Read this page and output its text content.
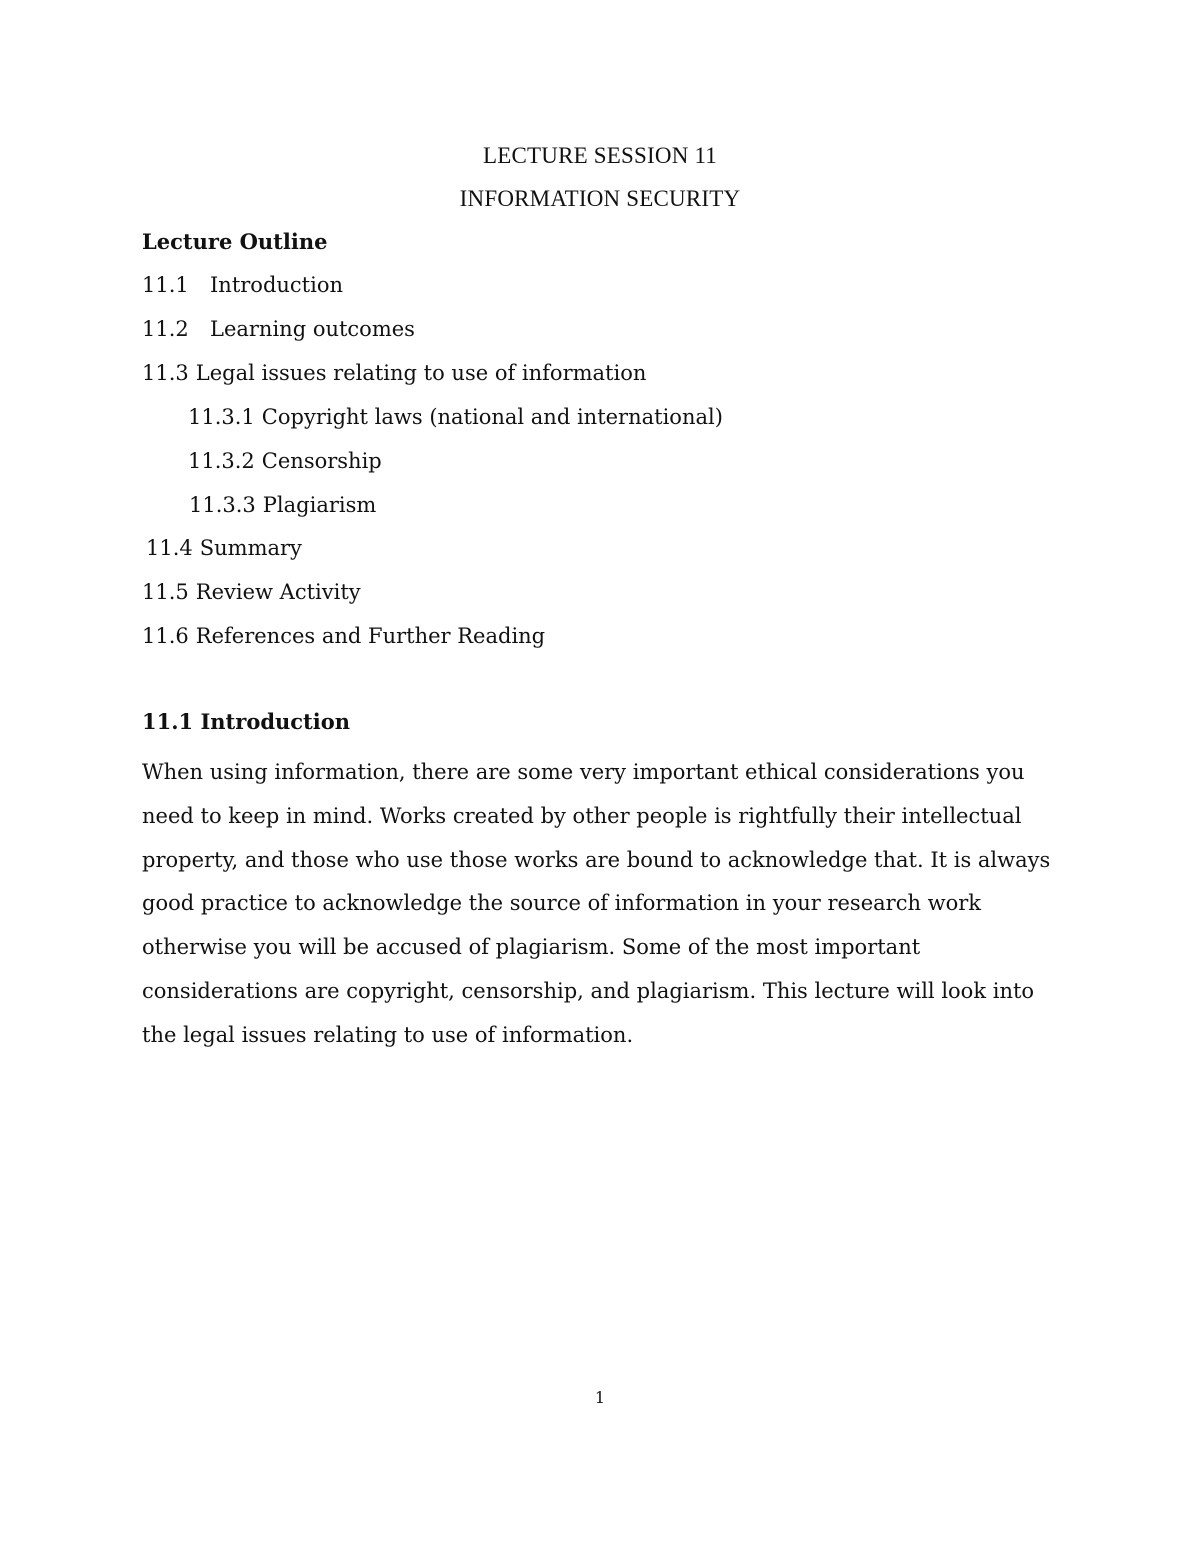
LECTURE SESSION 11
INFORMATION SECURITY
Lecture Outline
11.1 Introduction
11.2 Learning outcomes
11.3 Legal issues relating to use of information
11.3.1 Copyright laws (national and international)
11.3.2 Censorship
11.3.3 Plagiarism
11.4 Summary
11.5 Review Activity
11.6 References and Further Reading
11.1 Introduction
When using information, there are some very important ethical considerations you
need to keep in mind. Works created by other people is rightfully their intellectual
property, and those who use those works are bound to acknowledge that. It is always
good practice to acknowledge the source of information in your research work
otherwise you will be accused of plagiarism. Some of the most important
considerations are copyright, censorship, and plagiarism. This lecture will look into
the legal issues relating to use of information.
1
